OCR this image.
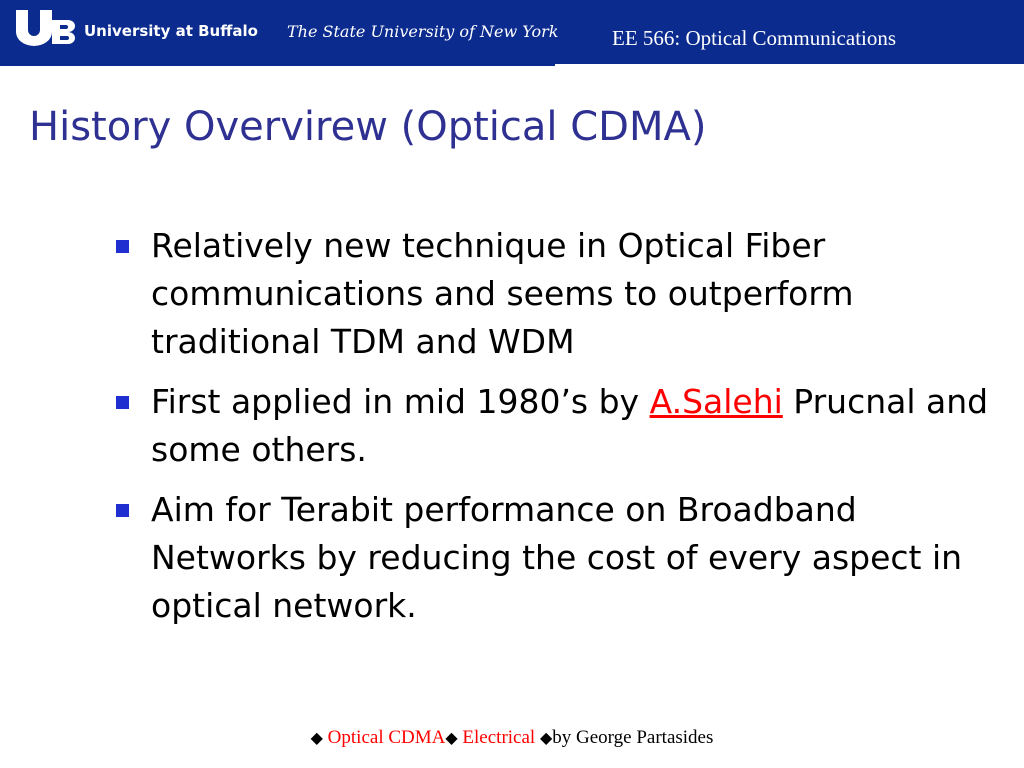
University at Buffalo The State University of New York	EE 566: Optical Communications
History Overvirew (Optical CDMA)
Relatively new technique in Optical Fiber communications and seems to outperform traditional TDM and WDM
First applied in mid 1980’s by A.Salehi Prucnal and some others.
Aim for Terabit performance on Broadband Networks by reducing the cost of every aspect in optical network.
◆ Optical CDMA◆ Electrical ◆by George Partasides
